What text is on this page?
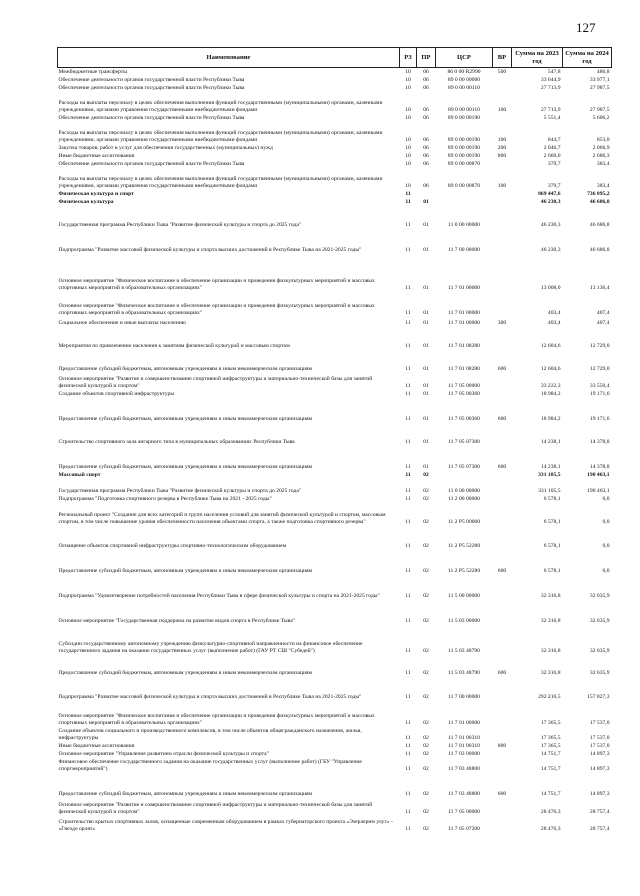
127
Наименование	РЗ	ПР	ЦСР	ВР	Сумма на 2023 год	Сумма на 2024 год
Межбюджетные трансферты	10	06	86 0 00 R2990	500	547,8	486,8
Обеспечение деятельности органов государственной власти Республики Тыва	10	06	89 0 00 00000		33 644,9	33 977,1
Обеспечение деятельности органов государственной власти Республики Тыва	10	06	89 0 00 00110		27 713,9	27 987,5
Расходы на выплаты персоналу в целях обеспечения выполнения функций государственными (муниципальными) органами, казенными учреждениями, органами управления государственными внебюджетными фондами	10	06	89 0 00 00110	100	27 713,9	27 987,5
Обеспечение деятельности органов государственной власти Республики Тыва	10	06	89 0 00 00190		5 551,4	5 606,2
Расходы на выплаты персоналу в целях обеспечения выполнения функций государственными (муниципальными) органами, казенными учреждениями, органами управления государственными внебюджетными фондами	10	06	89 0 00 00190	100	844,7	853,0
Закупка товаров, работ и услуг для обеспечения государственных (муниципальных) нужд	10	06	89 0 00 00190	200	2 046,7	2 066,9
Иные бюджетные ассигнования	10	06	89 0 00 00190	800	2 660,0	2 686,3
Обеспечение деятельности органов государственной власти Республики Тыва	10	06	89 0 00 00870		379,7	383,4
Расходы на выплаты персоналу в целях обеспечения выполнения функций государственными (муниципальными) органами, казенными учреждениями, органами управления государственными внебюджетными фондами	10	06	89 0 00 00870	100	379,7	383,4
Физическая культура и спорт	11				869 447,6	736 095,2
Физическая культура	11	01			46 230,3	46 686,8
Государственная программа Республики Тыва "Развитие физической культуры и спорта до 2025 года"	11	01	11 0 00 00000		46 230,3	46 686,8
Подпрограмма "Развитие массовой физической культуры и спорта высших достижений в Республике Тыва на 2021-2025 годы"	11	01	11 7 00 00000		46 230,3	46 686,8
Основное мероприятие "Физическое воспитание и обеспечение организации и проведения физкультурных мероприятий и массовых спортивных мероприятий в образовательных организациях"	11	01	11 7 01 00000		13 008,0	13 136,4
Основное мероприятие "Физическое воспитание и обеспечение организации и проведения физкультурных мероприятий и массовых спортивных мероприятий в образовательных организациях"	11	01	11 7 01 00000		403,4	407,4
Социальное обеспечение и иные выплаты населению	11	01	11 7 01 00000	300	403,4	407,4
Мероприятия по привлечению населения к занятиям физической культурой и массовым спортом	11	01	11 7 01 08280		12 604,6	12 729,0
Предоставление субсидий бюджетным, автономным учреждениям и иным некоммерческим организациям	11	01	11 7 01 08280	600	12 604,6	12 729,0
Основное мероприятие "Развитие и совершенствование спортивной инфраструктуры и материально-технической базы для занятий физической культурой и спортом"	11	01	11 7 05 00000		33 222,3	33 550,4
Создание объектов спортивной инфраструктуры	11	01	11 7 05 00360		18 984,2	19 171,6
Предоставление субсидий бюджетным, автономным учреждениям и иным некоммерческим организациям	11	01	11 7 05 00360	600	18 984,2	19 171,6
Строительство спортивного зала ангарного типа в муниципальных образованиях Республики Тыва	11	01	11 7 05 07300		14 238,1	14 378,8
Предоставление субсидий бюджетным, автономным учреждениям и иным некоммерческим организациям	11	01	11 7 05 07300	600	14 238,1	14 378,8
Массовый спорт	11	02			331 105,5	190 463,1
Государственная программа Республики Тыва "Развитие физической культуры и спорта до 2025 года"	11	02	11 0 00 00000		331 105,5	190 463,1
Подпрограмма "Подготовка спортивного резерва в Республике Тыва на 2021 - 2025 годы"	11	02	11 2 00 00000		6 578,1	0,0
Региональный проект "Создание для всех категорий и групп населения условий для занятий физической культурой и спортом, массовым спортом, в том числе повышение уровня обеспеченности населения объектами спорта, а также подготовка спортивного резерва"	11	02	11 2 P5 00000		6 578,1	0,0
Оснащение объектов спортивной инфраструктуры спортивно-технологическим оборудованием	11	02	11 2 P5 52280		6 578,1	0,0
Предоставление субсидий бюджетным, автономным учреждениям и иным некоммерческим организациям	11	02	11 2 P5 52280	600	6 578,1	0,0
Подпрограмма "Удовлетворение потребностей населения Республики Тыва в сфере физической культуры и спорта на 2021-2025 годы"	11	02	11 5 00 00000		32 316,8	32 635,9
Основное мероприятие "Государственная поддержка на развитие видов спорта в Республике Тыва"	11	02	11 5 03 00000		32 316,8	32 635,9
Субсидии государственному автономному учреждению физкультурно-спортивной направленности на финансовое обеспечение государственного задания на оказание государственных услуг (выполнение работ) (ГАУ РТ СШ "Субедей")	11	02	11 5 03 48790		32 316,8	32 635,9
Предоставление субсидий бюджетным, автономным учреждениям и иным некоммерческим организациям	11	02	11 5 03 48790	600	32 316,8	32 635,9
Подпрограмма "Развитие массовой физической культуры и спорта высших достижений в Республике Тыва на 2021-2025 годы"	11	02	11 7 00 00000		292 210,5	157 827,3
Основное мероприятие "Физическое воспитание и обеспечение организации и проведения физкультурных мероприятий и массовых спортивных мероприятий в образовательных организациях"	11	02	11 7 01 00000		17 365,5	17 537,0
Создание объектов социального и производственного комплексов, в том числе объектов общегражданского назначения, жилья, инфраструктуры	11	02	11 7 01 00310		17 365,5	17 537,0
Иные бюджетные ассигнования	11	02	11 7 01 00310	800	17 365,5	17 537,0
Основное мероприятие "Управление развитием отрасли физической культуры и спорта"	11	02	11 7 03 00000		14 751,7	14 897,3
Финансовое обеспечение государственного задания на оказание государственных услуг (выполнение работ) (ГБУ "Управление спортмероприятий")	11	02	11 7 03 48800		14 751,7	14 897,3
Предоставление субсидий бюджетным, автономным учреждениям и иным некоммерческим организациям	11	02	11 7 03 48800	600	14 751,7	14 897,3
Основное мероприятие "Развитие и совершенствование спортивной инфраструктуры и материально-технической базы для занятий физической культурой и спортом"	11	02	11 7 05 00000		28 476,3	28 757,4
Строительство крытых спортивных залов, оснащенные современным оборудованием в рамках губернаторского проекта «Эзерлерим улуг» - «Гнездо орлят»	11	02	11 7 05 07200		28 476,3	28 757,4
